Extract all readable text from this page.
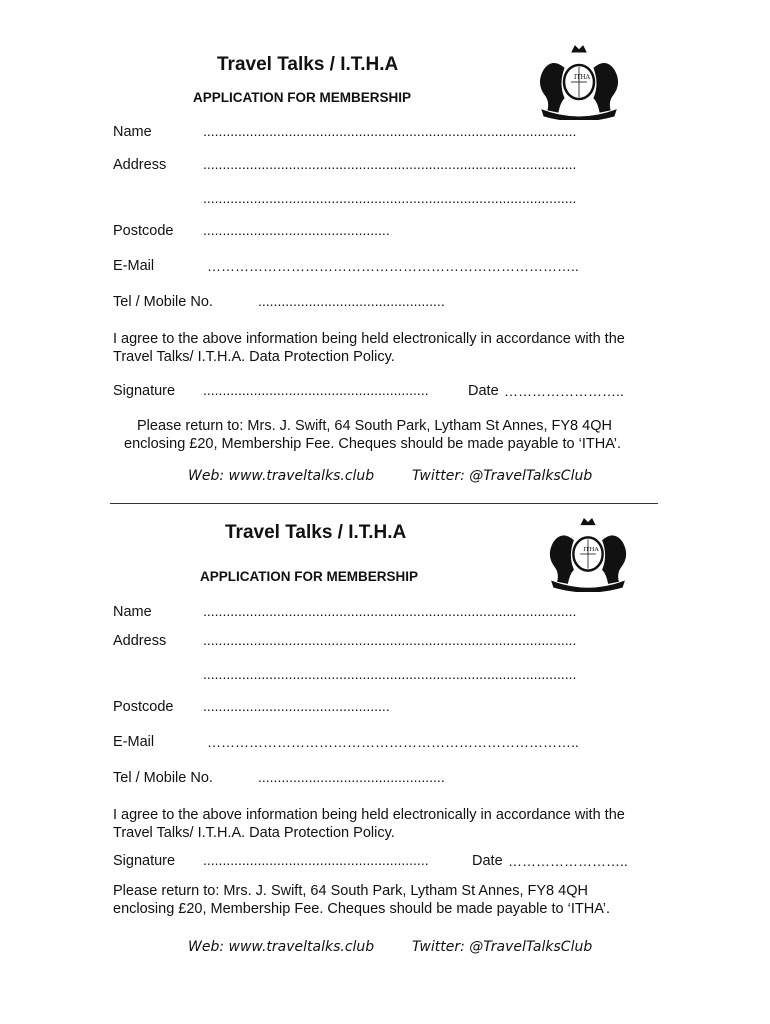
Travel Talks / I.T.H.A
APPLICATION FOR MEMBERSHIP
ITHA
Name	................................................................................................
Address	................................................................................................
................................................................................................
Postcode ................................................
E-Mail	……………………………………………………………………..
Tel / Mobile No.	................................................
I agree to the above information being held electronically in accordance with the Travel Talks/ I.T.H.A. Data Protection Policy.
Signature ..........................................................	Date ……………………..
Please return to: Mrs. J. Swift, 64 South Park, Lytham St Annes, FY8 4QH
enclosing £20, Membership Fee. Cheques should be made payable to ‘ITHA’.
Web: www.traveltalks.club	Twitter: @TravelTalksClub
Travel Talks / I.T.H.A
ITHA
APPLICATION FOR MEMBERSHIP
Name	................................................................................................
Address	................................................................................................
................................................................................................
Postcode ................................................
E-Mail	……………………………………………………………………..
Tel / Mobile No.	................................................
I agree to the above information being held electronically in accordance with the Travel Talks/ I.T.H.A. Data Protection Policy.
Signature ..........................................................	Date ……………………..
Please return to: Mrs. J. Swift, 64 South Park, Lytham St Annes, FY8 4QH
enclosing £20, Membership Fee. Cheques should be made payable to ‘ITHA’.
Web: www.traveltalks.club	Twitter: @TravelTalksClub
